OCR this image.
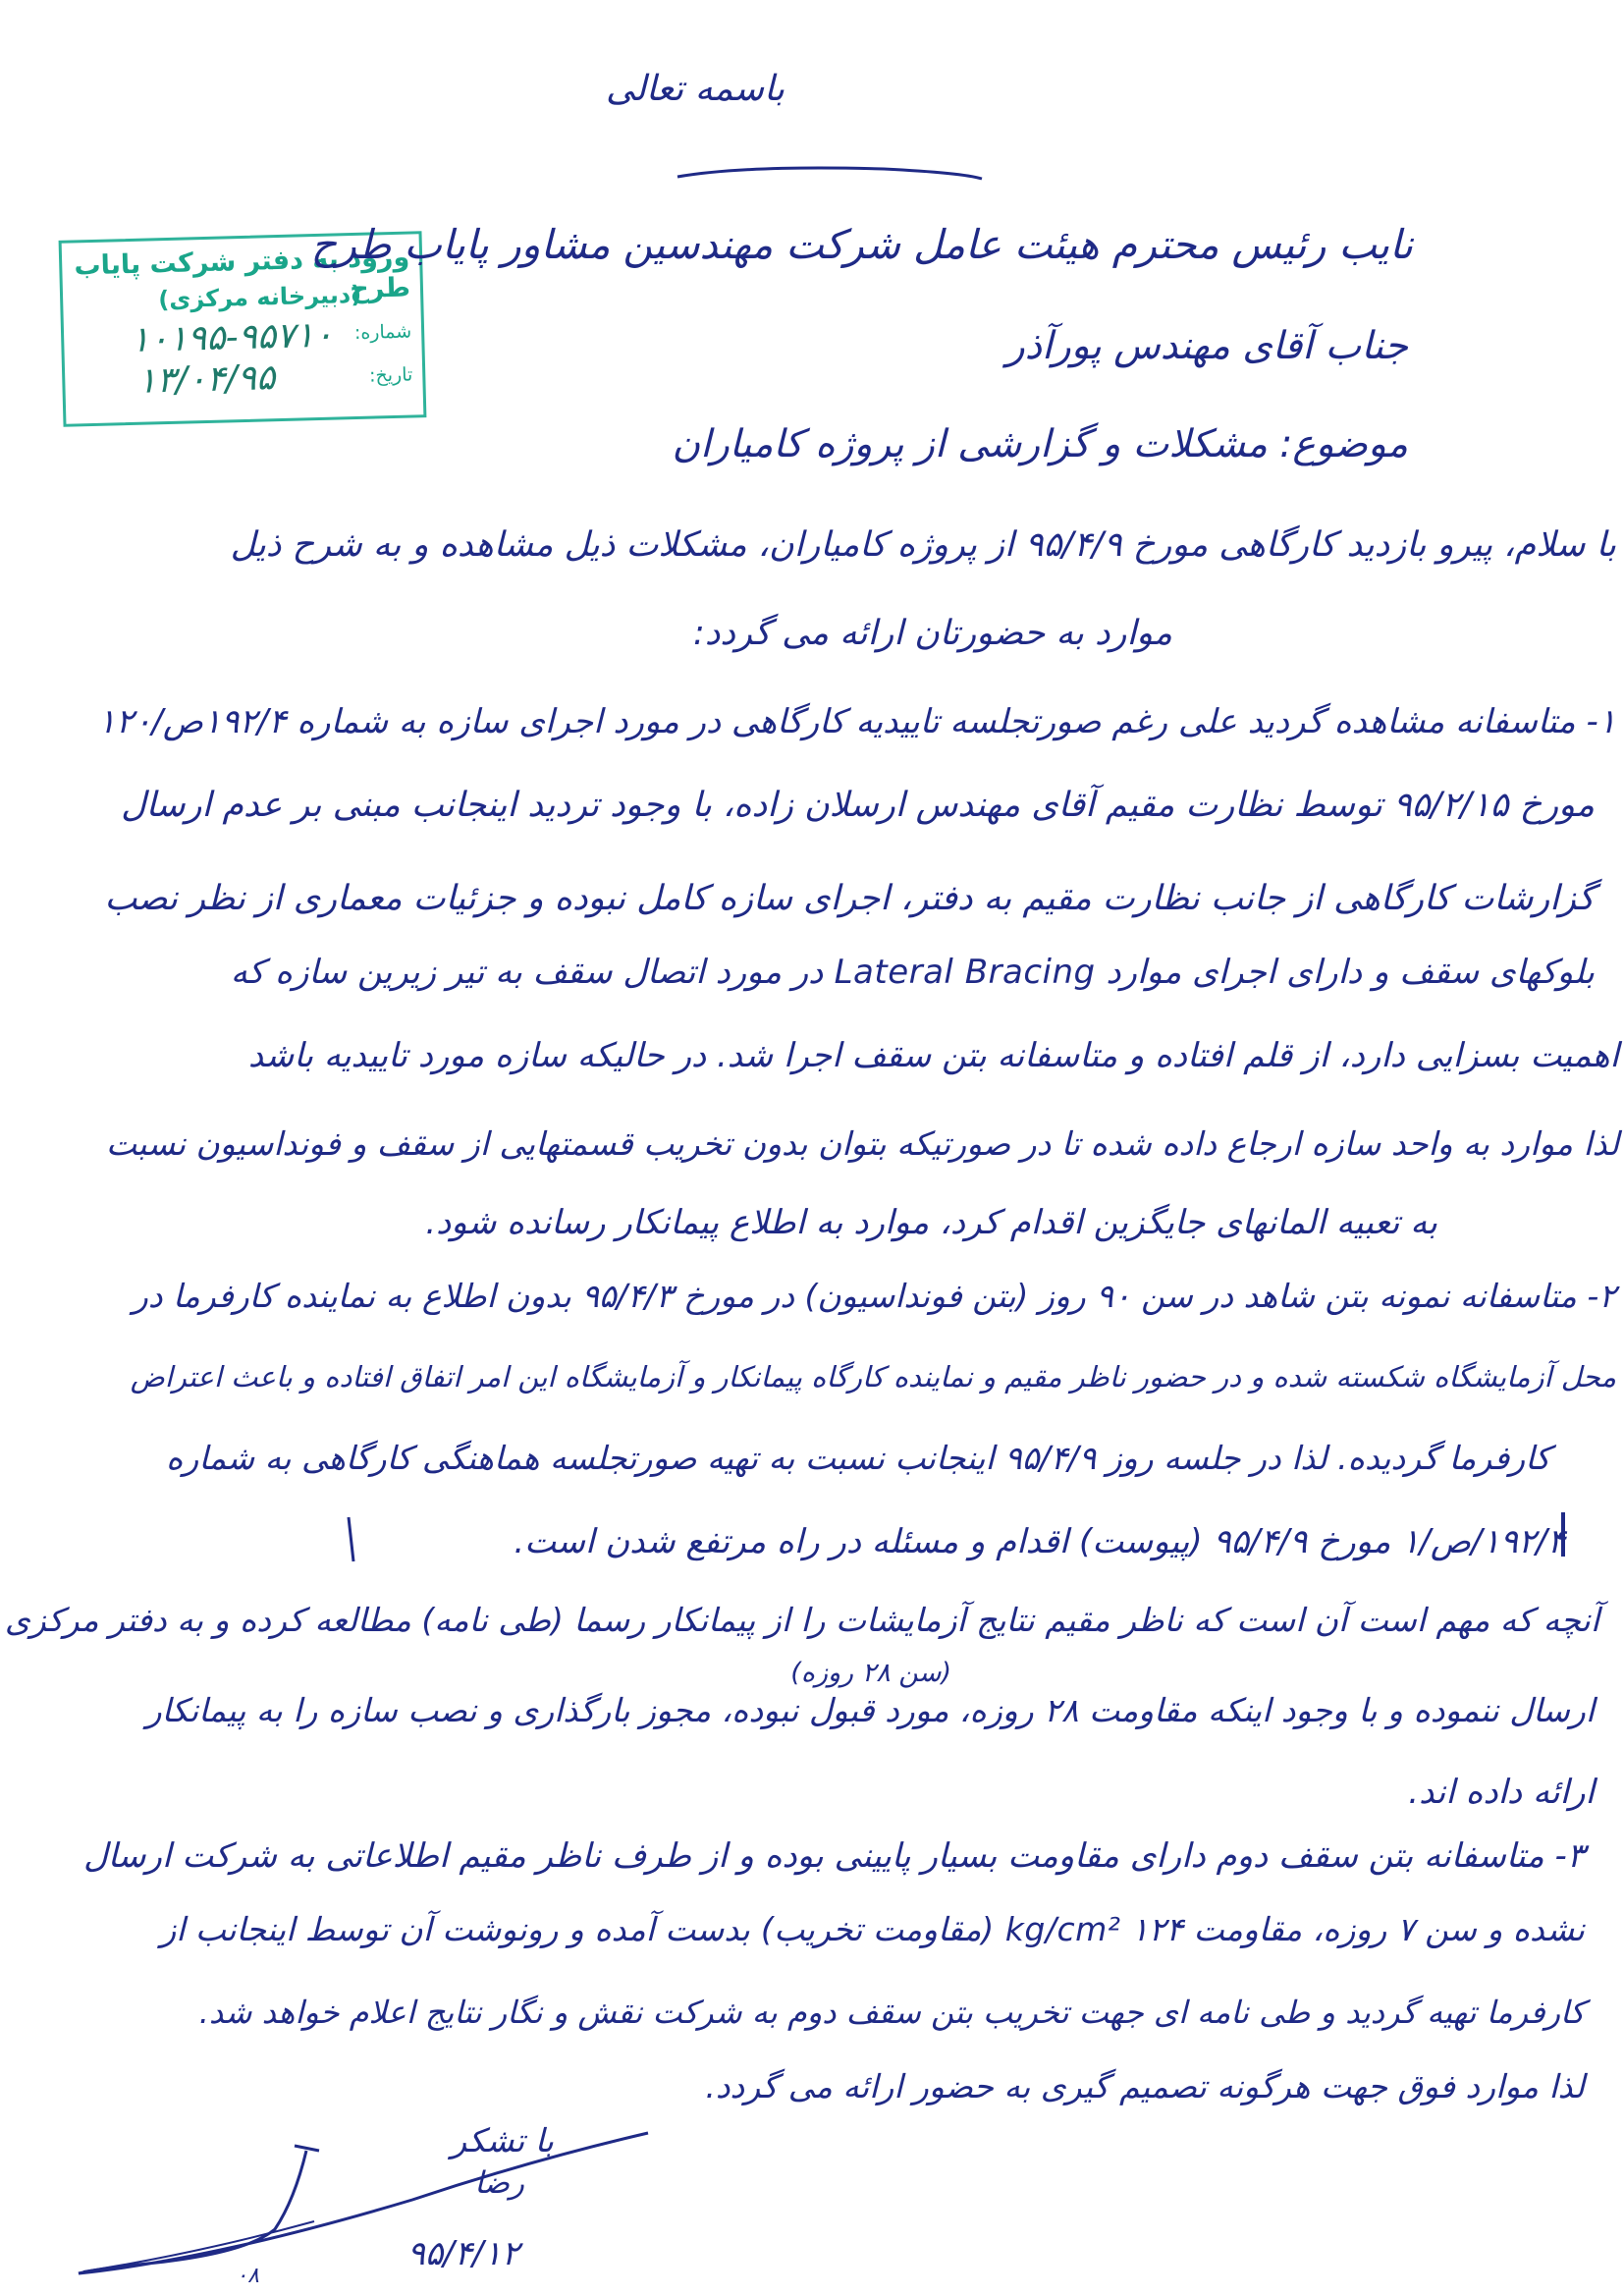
باسمه تعالی
ورود به دفتر شرکت پایاب طرح
(دبیرخانه مرکزی)
شماره:
۱۰۱۹۵-۹۵۷۱۰
تاریخ:
۱۳/۰۴/۹۵
نایب رئیس محترم هیئت عامل شرکت مهندسین مشاور پایاب طرح
جناب آقای مهندس پورآذر
موضوع: مشکلات و گزارشی از پروژه کامیاران
با سلام، پیرو بازدید کارگاهی مورخ ۹۵/۴/۹ از پروژه کامیاران، مشکلات ذیل مشاهده و به شرح ذیل
موارد به حضورتان ارائه می گردد:
۱- متاسفانه مشاهده گردید علی رغم صورتجلسه تاییدیه کارگاهی در مورد اجرای سازه به شماره ۱۹۲/۴ص/۱۲۰
مورخ ۹۵/۲/۱۵ توسط نظارت مقیم آقای مهندس ارسلان زاده، با وجود تردید اینجانب مبنی بر عدم ارسال
گزارشات کارگاهی از جانب نظارت مقیم به دفتر، اجرای سازه کامل نبوده و جزئیات معماری از نظر نصب
بلوکهای سقف و دارای اجرای موارد Lateral Bracing در مورد اتصال سقف به تیر زیرین سازه که
اهمیت بسزایی دارد، از قلم افتاده و متاسفانه بتن سقف اجرا شد. در حالیکه سازه مورد تاییدیه باشد
لذا موارد به واحد سازه ارجاع داده شده تا در صورتیکه بتوان بدون تخریب قسمتهایی از سقف و فونداسیون نسبت
به تعبیه المانهای جایگزین اقدام کرد، موارد به اطلاع پیمانکار رسانده شود.
۲- متاسفانه نمونه بتن شاهد در سن ۹۰ روز (بتن فونداسیون) در مورخ ۹۵/۴/۳ بدون اطلاع به نماینده کارفرما در
محل آزمایشگاه شکسته شده و در حضور ناظر مقیم و نماینده کارگاه پیمانکار و آزمایشگاه این امر اتفاق افتاده و باعث اعتراض
کارفرما گردیده. لذا در جلسه روز ۹۵/۴/۹ اینجانب نسبت به تهیه صورتجلسه هماهنگی کارگاهی به شماره
۱۹۲/۴/ص/۱ مورخ ۹۵/۴/۹ (پیوست) اقدام و مسئله در راه مرتفع شدن است.
آنچه که مهم است آن است که ناظر مقیم نتایج آزمایشات را از پیمانکار رسما (طی نامه) مطالعه کرده و به دفتر مرکزی
(سن ۲۸ روزه)
ارسال ننموده و با وجود اینکه مقاومت ۲۸ روزه، مورد قبول نبوده، مجوز بارگذاری و نصب سازه را به پیمانکار
ارائه داده اند.
۳- متاسفانه بتن سقف دوم دارای مقاومت بسیار پایینی بوده و از طرف ناظر مقیم اطلاعاتی به شرکت ارسال
نشده و سن ۷ روزه، مقاومت ۱۲۴ kg/cm² (مقاومت تخریب) بدست آمده و رونوشت آن توسط اینجانب از
کارفرما تهیه گردید و طی نامه ای جهت تخریب بتن سقف دوم به شرکت نقش و نگار نتایج اعلام خواهد شد.
لذا موارد فوق جهت هرگونه تصمیم گیری به حضور ارائه می گردد.
با تشکر
رضا
۹۵/۴/۱۲
۰۸
